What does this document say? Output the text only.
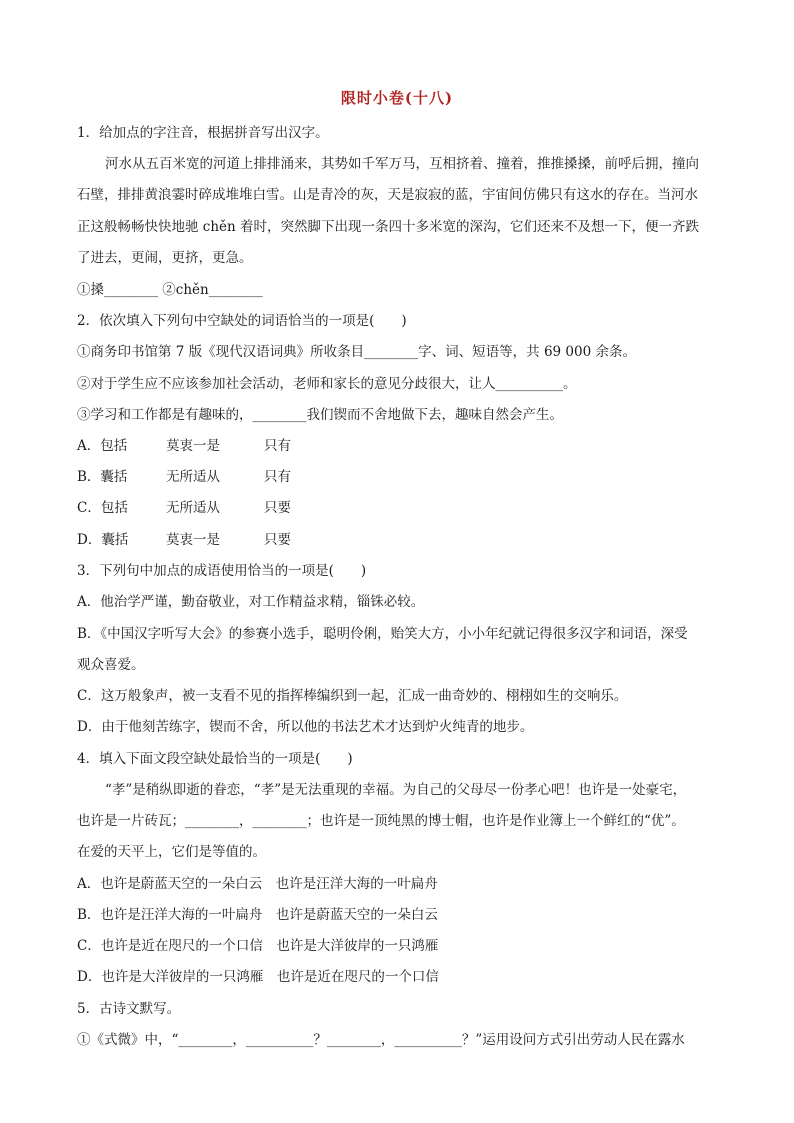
限时小卷(十八)
1．给加点的字注音，根据拼音写出汉字。
河水从五百米宽的河道上排排涌来，其势如千军万马，互相挤着、撞着，推推搡搡，前呼后拥，撞向
石壁，排排黄浪霎时碎成堆堆白雪。山是青冷的灰，天是寂寂的蓝，宇宙间仿佛只有这水的存在。当河水
正这般畅畅快快地驰 chěn 着时，突然脚下出现一条四十多米宽的深沟，它们还来不及想一下，便一齐跌
了进去，更闹，更挤，更急。
①搡________ ②chěn________
2．依次填入下列句中空缺处的词语恰当的一项是(　　)
①商务印书馆第 7 版《现代汉语词典》所收条目________字、词、短语等，共 69 000 余条。
②对于学生应不应该参加社会活动，老师和家长的意见分歧很大，让人__________。
③学习和工作都是有趣味的，________我们锲而不舍地做下去，趣味自然会产生。
A．包括	莫衷一是	只有
B．囊括	无所适从	只有
C．包括	无所适从	只要
D．囊括	莫衷一是	只要
3．下列句中加点的成语使用恰当的一项是(　　)
A．他治学严谨，勤奋敬业，对工作精益求精，锱铢必较。
B．《中国汉字听写大会》的参赛小选手，聪明伶俐，贻笑大方，小小年纪就记得很多汉字和词语，深受
观众喜爱。
C．这万般象声，被一支看不见的指挥棒编织到一起，汇成一曲奇妙的、栩栩如生的交响乐。
D．由于他刻苦练字，锲而不舍，所以他的书法艺术才达到炉火纯青的地步。
4．填入下面文段空缺处最恰当的一项是(　　)
“孝”是稍纵即逝的眷恋，“孝”是无法重现的幸福。为自己的父母尽一份孝心吧！也许是一处豪宅，
也许是一片砖瓦；________，________；也许是一顶纯黑的博士帽，也许是作业簿上一个鲜红的“优”。
在爱的天平上，它们是等值的。
A．也许是蔚蓝天空的一朵白云　也许是汪洋大海的一叶扁舟
B．也许是汪洋大海的一叶扁舟　也许是蔚蓝天空的一朵白云
C．也许是近在咫尺的一个口信　也许是大洋彼岸的一只鸿雁
D．也许是大洋彼岸的一只鸿雁　也许是近在咫尺的一个口信
5．古诗文默写。
①《式微》中，“________，__________？________，__________？”运用设问方式引出劳动人民在露水
